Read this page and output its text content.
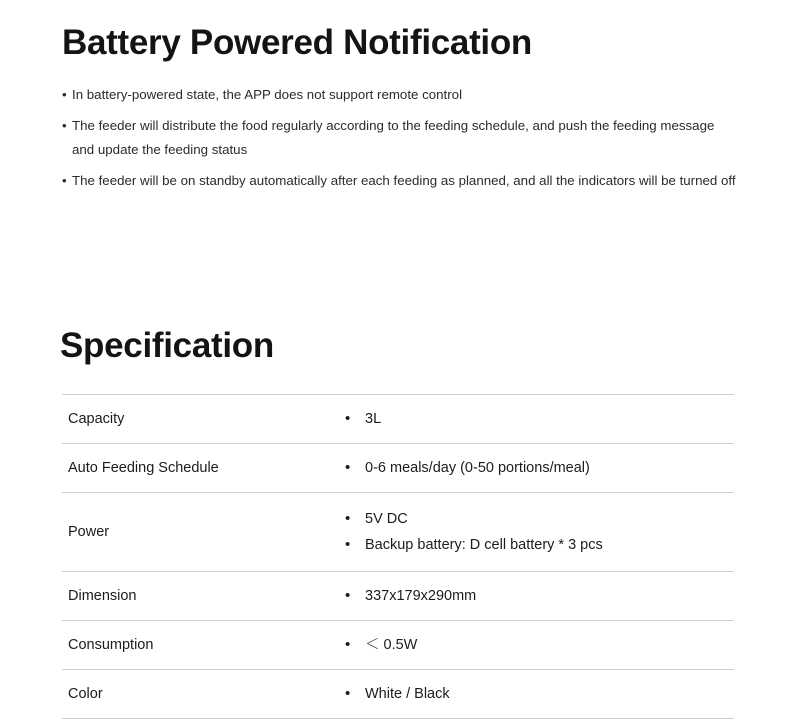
Battery Powered Notification
• In battery-powered state, the APP does not support remote control
• The feeder will distribute the food regularly according to the feeding schedule, and push the feeding message and update the feeding status
• The feeder will be on standby automatically after each feeding as planned, and all the indicators will be turned off
Specification
Capacity	• 3L

Auto Feeding Schedule	• 0-6 meals/day (0-50 portions/meal)

Power	
• 5V DC
• Backup battery: D cell battery * 3 pcs

Dimension	• 337x179x290mm

Consumption	• ＜ 0.5W

Color	• White / Black
